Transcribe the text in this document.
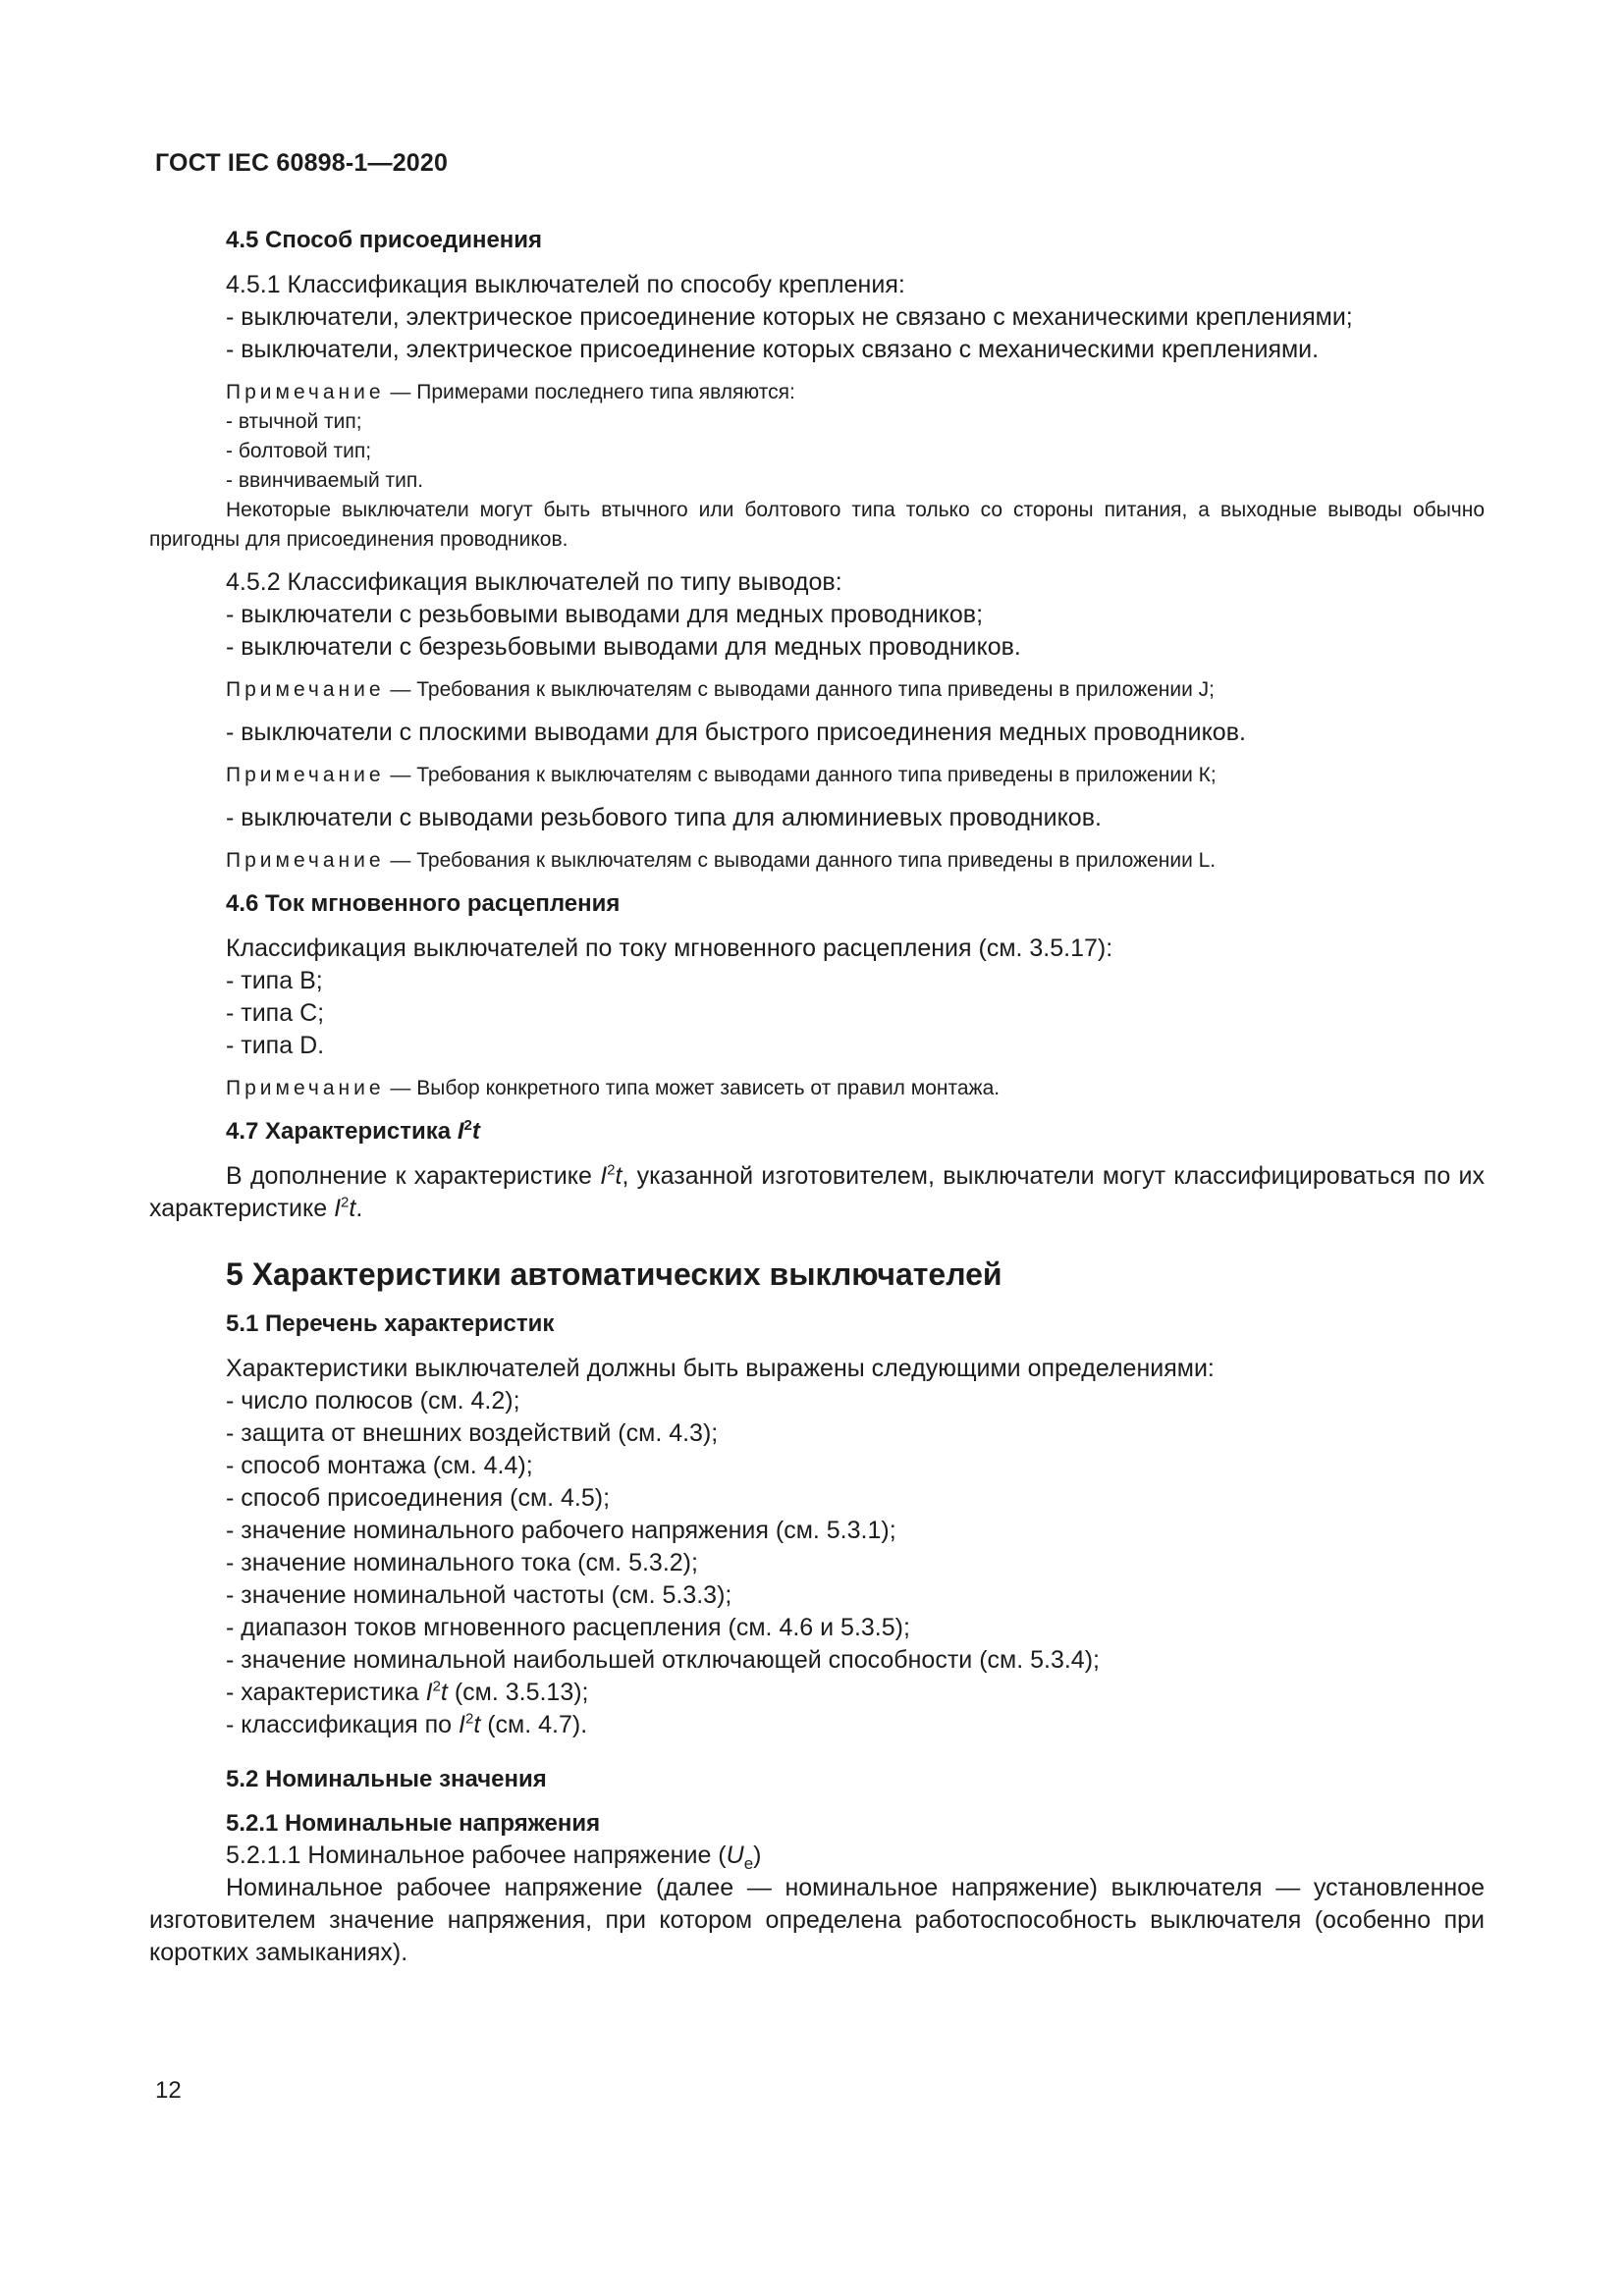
ГОСТ IEC 60898-1—2020
4.5 Способ присоединения
4.5.1 Классификация выключателей по способу крепления:
- выключатели, электрическое присоединение которых не связано с механическими креплениями;
- выключатели, электрическое присоединение которых связано с механическими креплениями.
Примечание — Примерами последнего типа являются:
- втычной тип;
- болтовой тип;
- ввинчиваемый тип.
Некоторые выключатели могут быть втычного или болтового типа только со стороны питания, а выходные выводы обычно пригодны для присоединения проводников.
4.5.2 Классификация выключателей по типу выводов:
- выключатели с резьбовыми выводами для медных проводников;
- выключатели с безрезьбовыми выводами для медных проводников.
Примечание — Требования к выключателям с выводами данного типа приведены в приложении J;
- выключатели с плоскими выводами для быстрого присоединения медных проводников.
Примечание — Требования к выключателям с выводами данного типа приведены в приложении К;
- выключатели с выводами резьбового типа для алюминиевых проводников.
Примечание — Требования к выключателям с выводами данного типа приведены в приложении L.
4.6 Ток мгновенного расцепления
Классификация выключателей по току мгновенного расцепления (см. 3.5.17):
- типа B;
- типа C;
- типа D.
Примечание — Выбор конкретного типа может зависеть от правил монтажа.
4.7 Характеристика $I^2t$
В дополнение к характеристике $I^2t$, указанной изготовителем, выключатели могут классифицироваться по их характеристике $I^2t$.
5 Характеристики автоматических выключателей
5.1 Перечень характеристик
Характеристики выключателей должны быть выражены следующими определениями:
- число полюсов (см. 4.2);
- защита от внешних воздействий (см. 4.3);
- способ монтажа (см. 4.4);
- способ присоединения (см. 4.5);
- значение номинального рабочего напряжения (см. 5.3.1);
- значение номинального тока (см. 5.3.2);
- значение номинальной частоты (см. 5.3.3);
- диапазон токов мгновенного расцепления (см. 4.6 и 5.3.5);
- значение номинальной наибольшей отключающей способности (см. 5.3.4);
- характеристика $I^2t$ (см. 3.5.13);
- классификация по $I^2t$ (см. 4.7).
5.2 Номинальные значения
5.2.1 Номинальные напряжения
5.2.1.1 Номинальное рабочее напряжение $(U_e)$
Номинальное рабочее напряжение (далее — номинальное напряжение) выключателя — установленное изготовителем значение напряжения, при котором определена работоспособность выключателя (особенно при коротких замыканиях).
12
